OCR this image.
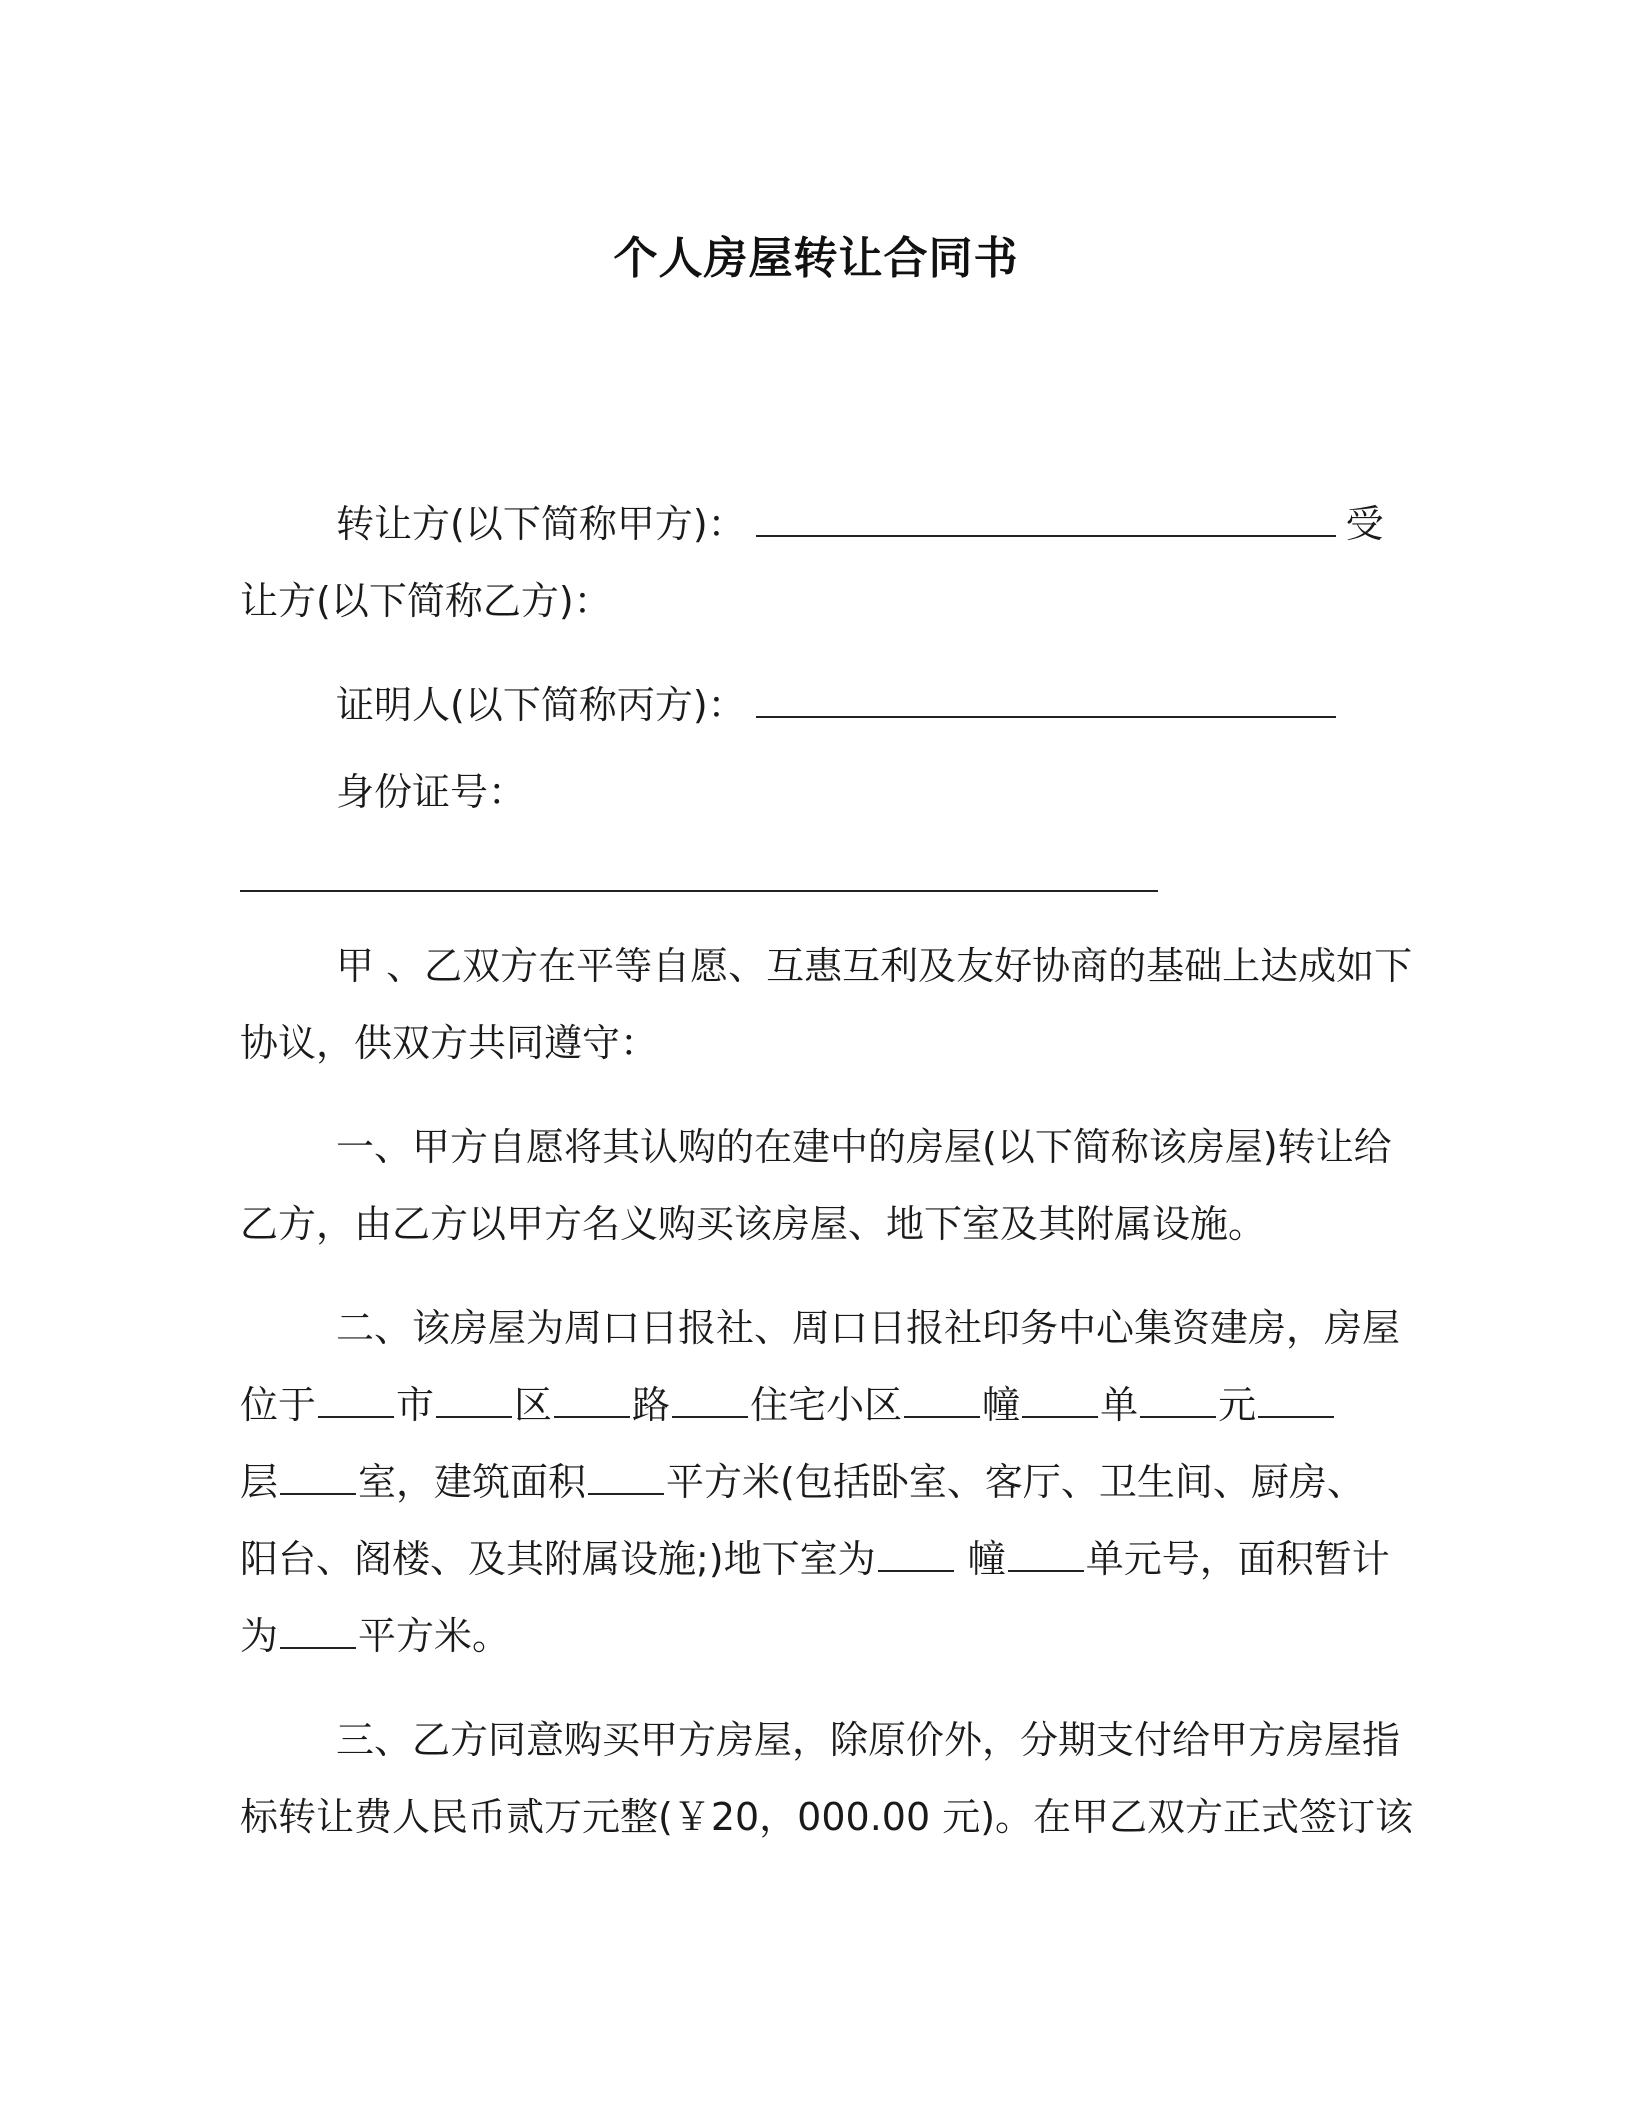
个人房屋转让合同书
转让方(以下简称甲方)：	受
让方(以下简称乙方)：
证明人(以下简称丙方)：
身份证号：
甲 、乙双方在平等自愿、互惠互利及友好协商的基础上达成如下
协议，供双方共同遵守：
一、甲方自愿将其认购的在建中的房屋(以下简称该房屋)转让给
乙方，由乙方以甲方名义购买该房屋、地下室及其附属设施。
二、该房屋为周口日报社、周口日报社印务中心集资建房，房屋
位于 市 区 路 住宅小区 幢 单 元
层 室，建筑面积 平方米(包括卧室、客厅、卫生间、厨房、
阳台、阁楼、及其附属设施;)地下室为 幢 单元号，面积暂计
为 平方米。
三、乙方同意购买甲方房屋，除原价外，分期支付给甲方房屋指
标转让费人民币贰万元整(￥20，000.00 元)。在甲乙双方正式签订该
